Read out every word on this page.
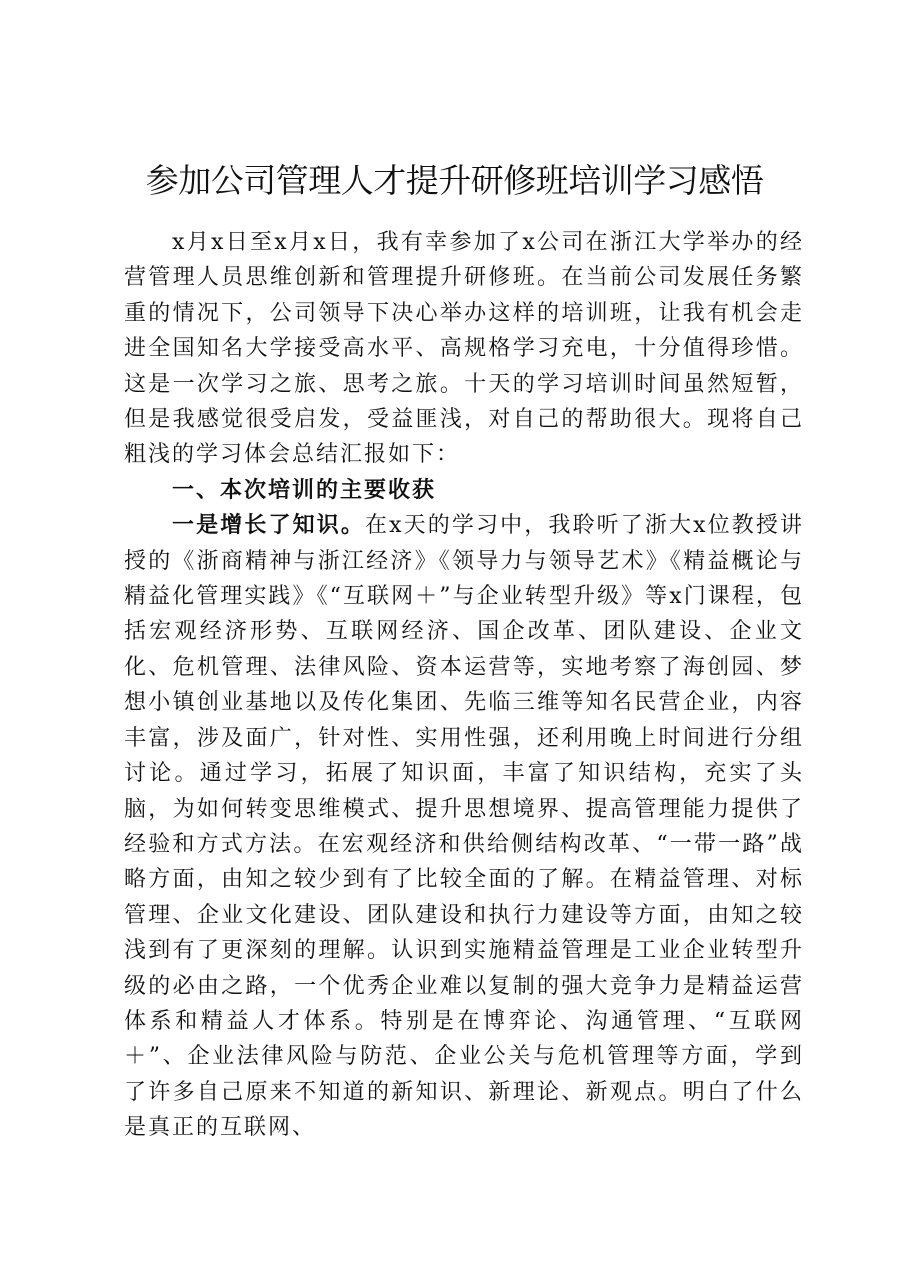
参加公司管理人才提升研修班培训学习感悟

x月x日至x月x日，我有幸参加了x公司在浙江大学举办的经营管理人员思维创新和管理提升研修班。在当前公司发展任务繁重的情况下，公司领导下决心举办这样的培训班，让我有机会走进全国知名大学接受高水平、高规格学习充电，十分值得珍惜。这是一次学习之旅、思考之旅。十天的学习培训时间虽然短暂，但是我感觉很受启发，受益匪浅，对自己的帮助很大。现将自己粗浅的学习体会总结汇报如下：

一、本次培训的主要收获

一是增长了知识。在x天的学习中，我聆听了浙大x位教授讲授的《浙商精神与浙江经济》《领导力与领导艺术》《精益概论与精益化管理实践》《“互联网＋”与企业转型升级》等x门课程，包括宏观经济形势、互联网经济、国企改革、团队建设、企业文化、危机管理、法律风险、资本运营等，实地考察了海创园、梦想小镇创业基地以及传化集团、先临三维等知名民营企业，内容丰富，涉及面广，针对性、实用性强，还利用晚上时间进行分组讨论。通过学习，拓展了知识面，丰富了知识结构，充实了头脑，为如何转变思维模式、提升思想境界、提高管理能力提供了经验和方式方法。在宏观经济和供给侧结构改革、“一带一路”战略方面，由知之较少到有了比较全面的了解。在精益管理、对标管理、企业文化建设、团队建设和执行力建设等方面，由知之较浅到有了更深刻的理解。认识到实施精益管理是工业企业转型升级的必由之路，一个优秀企业难以复制的强大竞争力是精益运营体系和精益人才体系。特别是在博弈论、沟通管理、“互联网＋”、企业法律风险与防范、企业公关与危机管理等方面，学到了许多自己原来不知道的新知识、新理论、新观点。明白了什么是真正的互联网、
